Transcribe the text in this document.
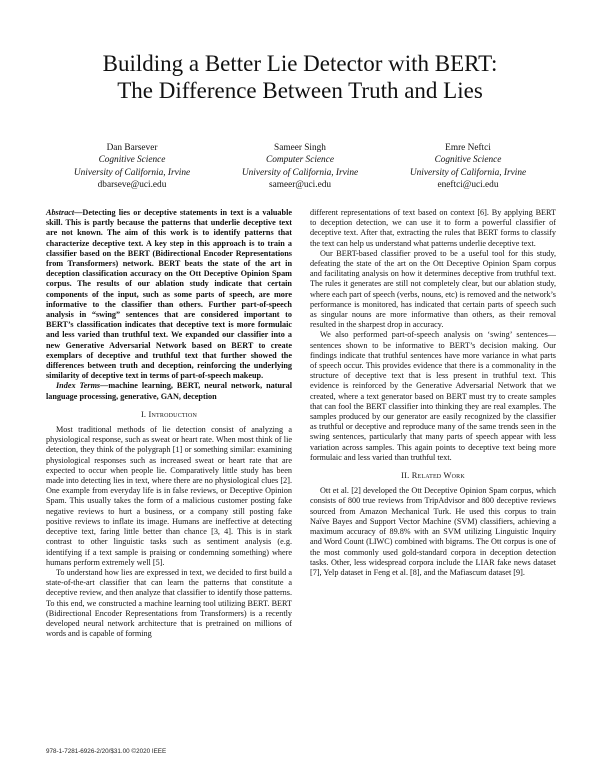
Building a Better Lie Detector with BERT:
The Difference Between Truth and Lies
Dan Barsever
Cognitive Science
University of California, Irvine
dbarseve@uci.edu
Sameer Singh
Computer Science
University of California, Irvine
sameer@uci.edu
Emre Neftci
Cognitive Science
University of California, Irvine
eneftci@uci.edu

Abstract—Detecting lies or deceptive statements in text is a valuable skill. This is partly because the patterns that underlie deceptive text are not known. The aim of this work is to identify patterns that characterize deceptive text. A key step in this approach is to train a classifier based on the BERT (Bidirectional Encoder Representations from Transformers) network. BERT beats the state of the art in deception classification accuracy on the Ott Deceptive Opinion Spam corpus. The results of our ablation study indicate that certain components of the input, such as some parts of speech, are more informative to the classifier than others. Further part-of-speech analysis in “swing” sentences that are considered important to BERT’s classification indicates that deceptive text is more formulaic and less varied than truthful text. We expanded our classifier into a new Generative Adversarial Network based on BERT to create exemplars of deceptive and truthful text that further showed the differences between truth and deception, reinforcing the underlying similarity of deceptive text in terms of part-of-speech makeup.

Index Terms—machine learning, BERT, neural network, natural language processing, generative, GAN, deception

I. Introduction

Most traditional methods of lie detection consist of analyzing a physiological response, such as sweat or heart rate. When most think of lie detection, they think of the polygraph [1] or something similar: examining physiological responses such as increased sweat or heart rate that are expected to occur when people lie. Comparatively little study has been made into detecting lies in text, where there are no physiological clues [2]. One example from everyday life is in false reviews, or Deceptive Opinion Spam. This usually takes the form of a malicious customer posting fake negative reviews to hurt a business, or a company still posting fake positive reviews to inflate its image. Humans are ineffective at detecting deceptive text, faring little better than chance [3, 4]. This is in stark contrast to other linguistic tasks such as sentiment analysis (e.g. identifying if a text sample is praising or condemning something) where humans perform extremely well [5].

To understand how lies are expressed in text, we decided to first build a state-of-the-art classifier that can learn the patterns that constitute a deceptive review, and then analyze that classifier to identify those patterns. To this end, we constructed a machine learning tool utilizing BERT. BERT (Bidirectional Encoder Representations from Transformers) is a recently developed neural network architecture that is pretrained on millions of words and is capable of forming

different representations of text based on context [6]. By applying BERT to deception detection, we can use it to form a powerful classifier of deceptive text. After that, extracting the rules that BERT forms to classify the text can help us understand what patterns underlie deceptive text.

Our BERT-based classifier proved to be a useful tool for this study, defeating the state of the art on the Ott Deceptive Opinion Spam corpus and facilitating analysis on how it determines deceptive from truthful text. The rules it generates are still not completely clear, but our ablation study, where each part of speech (verbs, nouns, etc) is removed and the network’s performance is monitored, has indicated that certain parts of speech such as singular nouns are more informative than others, as their removal resulted in the sharpest drop in accuracy.

We also performed part-of-speech analysis on ‘swing’ sentences—sentences shown to be informative to BERT’s decision making. Our findings indicate that truthful sentences have more variance in what parts of speech occur. This provides evidence that there is a commonality in the structure of deceptive text that is less present in truthful text. This evidence is reinforced by the Generative Adversarial Network that we created, where a text generator based on BERT must try to create samples that can fool the BERT classifier into thinking they are real examples. The samples produced by our generator are easily recognized by the classifier as truthful or deceptive and reproduce many of the same trends seen in the swing sentences, particularly that many parts of speech appear with less variation across samples. This again points to deceptive text being more formulaic and less varied than truthful text.

II. Related Work

Ott et al. [2] developed the Ott Deceptive Opinion Spam corpus, which consists of 800 true reviews from TripAdvisor and 800 deceptive reviews sourced from Amazon Mechanical Turk. He used this corpus to train Naïve Bayes and Support Vector Machine (SVM) classifiers, achieving a maximum accuracy of 89.8% with an SVM utilizing Linguistic Inquiry and Word Count (LIWC) combined with bigrams. The Ott corpus is one of the most commonly used gold-standard corpora in deception detection tasks. Other, less widespread corpora include the LIAR fake news dataset [7], Yelp dataset in Feng et al. [8], and the Mafiascum dataset [9].

978-1-7281-6926-2/20/$31.00 ©2020 IEEE
